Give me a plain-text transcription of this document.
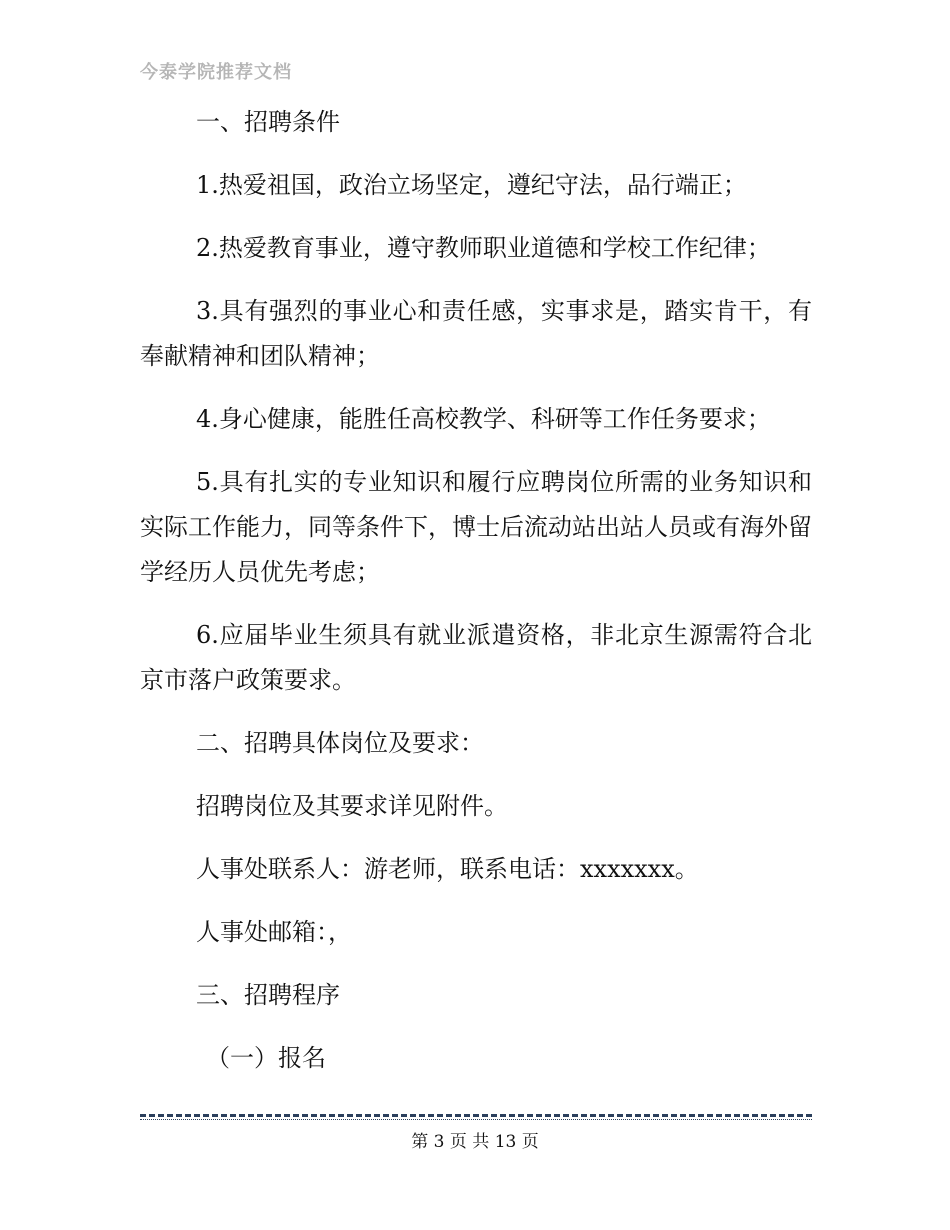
今泰学院推荐文档

一、招聘条件

1.热爱祖国，政治立场坚定，遵纪守法，品行端正；

2.热爱教育事业，遵守教师职业道德和学校工作纪律；

3.具有强烈的事业心和责任感，实事求是，踏实肯干，有奉献精神和团队精神；

4.身心健康，能胜任高校教学、科研等工作任务要求；

5.具有扎实的专业知识和履行应聘岗位所需的业务知识和实际工作能力，同等条件下，博士后流动站出站人员或有海外留学经历人员优先考虑；

6.应届毕业生须具有就业派遣资格，非北京生源需符合北京市落户政策要求。

二、招聘具体岗位及要求：

招聘岗位及其要求详见附件。

人事处联系人：游老师，联系电话：xxxxxxx。

人事处邮箱：，

三、招聘程序

（一）报名

第 3 页 共 13 页
